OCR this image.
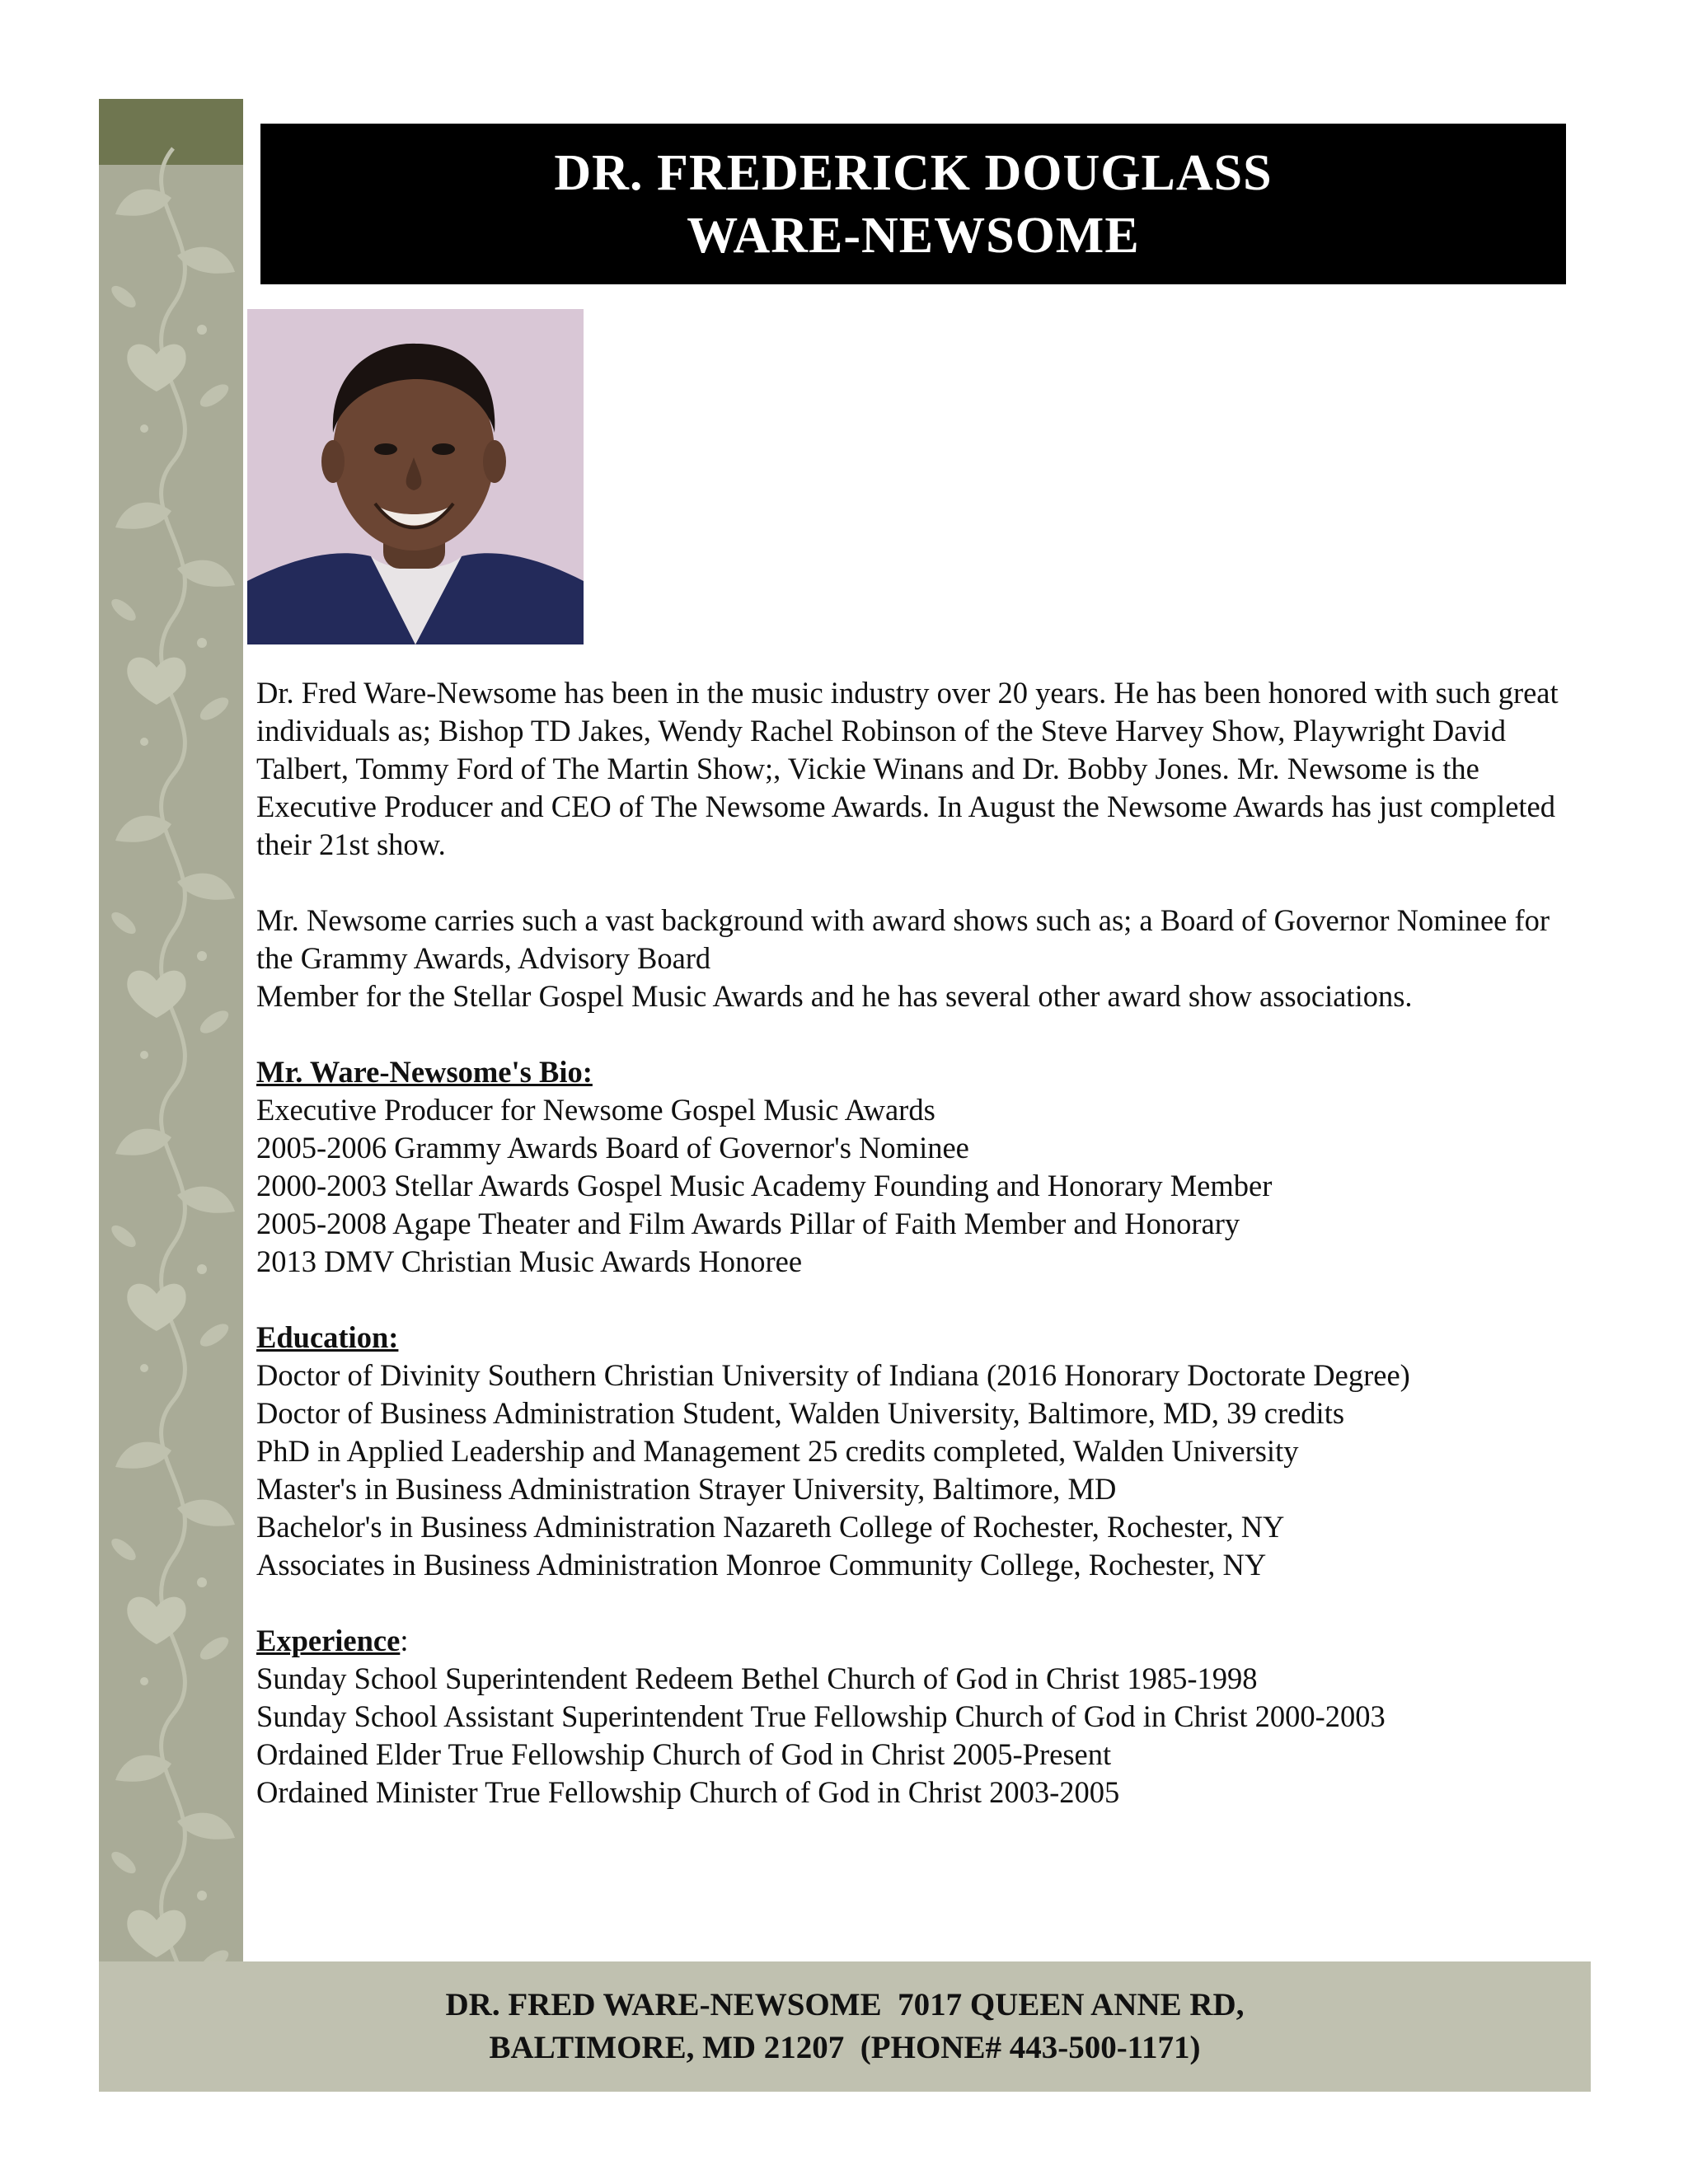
DR. FREDERICK DOUGLASS
WARE-NEWSOME

Dr. Fred Ware-Newsome has been in the music industry over 20 years. He has been honored with such great individuals as; Bishop TD Jakes, Wendy Rachel Robinson of the Steve Harvey Show, Playwright David Talbert, Tommy Ford of The Martin Show;, Vickie Winans and Dr. Bobby Jones. Mr. Newsome is the Executive Producer and CEO of The Newsome Awards. In August the Newsome Awards has just completed their 21st show.

Mr. Newsome carries such a vast background with award shows such as; a Board of Governor Nominee for the Grammy Awards, Advisory Board

Member for the Stellar Gospel Music Awards and he has several other award show associations.

Mr. Ware-Newsome's Bio:

Executive Producer for Newsome Gospel Music Awards

2005-2006 Grammy Awards Board of Governor's Nominee

2000-2003 Stellar Awards Gospel Music Academy Founding and Honorary Member

2005-2008 Agape Theater and Film Awards Pillar of Faith Member and Honorary

2013 DMV Christian Music Awards Honoree

Education:

Doctor of Divinity Southern Christian University of Indiana (2016 Honorary Doctorate Degree)

Doctor of Business Administration Student, Walden University, Baltimore, MD, 39 credits

PhD in Applied Leadership and Management 25 credits completed, Walden University

Master's in Business Administration Strayer University, Baltimore, MD

Bachelor's in Business Administration Nazareth College of Rochester, Rochester, NY

Associates in Business Administration Monroe Community College, Rochester, NY

Experience:

Sunday School Superintendent Redeem Bethel Church of God in Christ 1985-1998

Sunday School Assistant Superintendent True Fellowship Church of God in Christ 2000-2003

Ordained Elder True Fellowship Church of God in Christ 2005-Present

Ordained Minister True Fellowship Church of God in Christ 2003-2005

DR. FRED WARE-NEWSOME  7017 QUEEN ANNE RD,
BALTIMORE, MD 21207  (PHONE# 443-500-1171)
